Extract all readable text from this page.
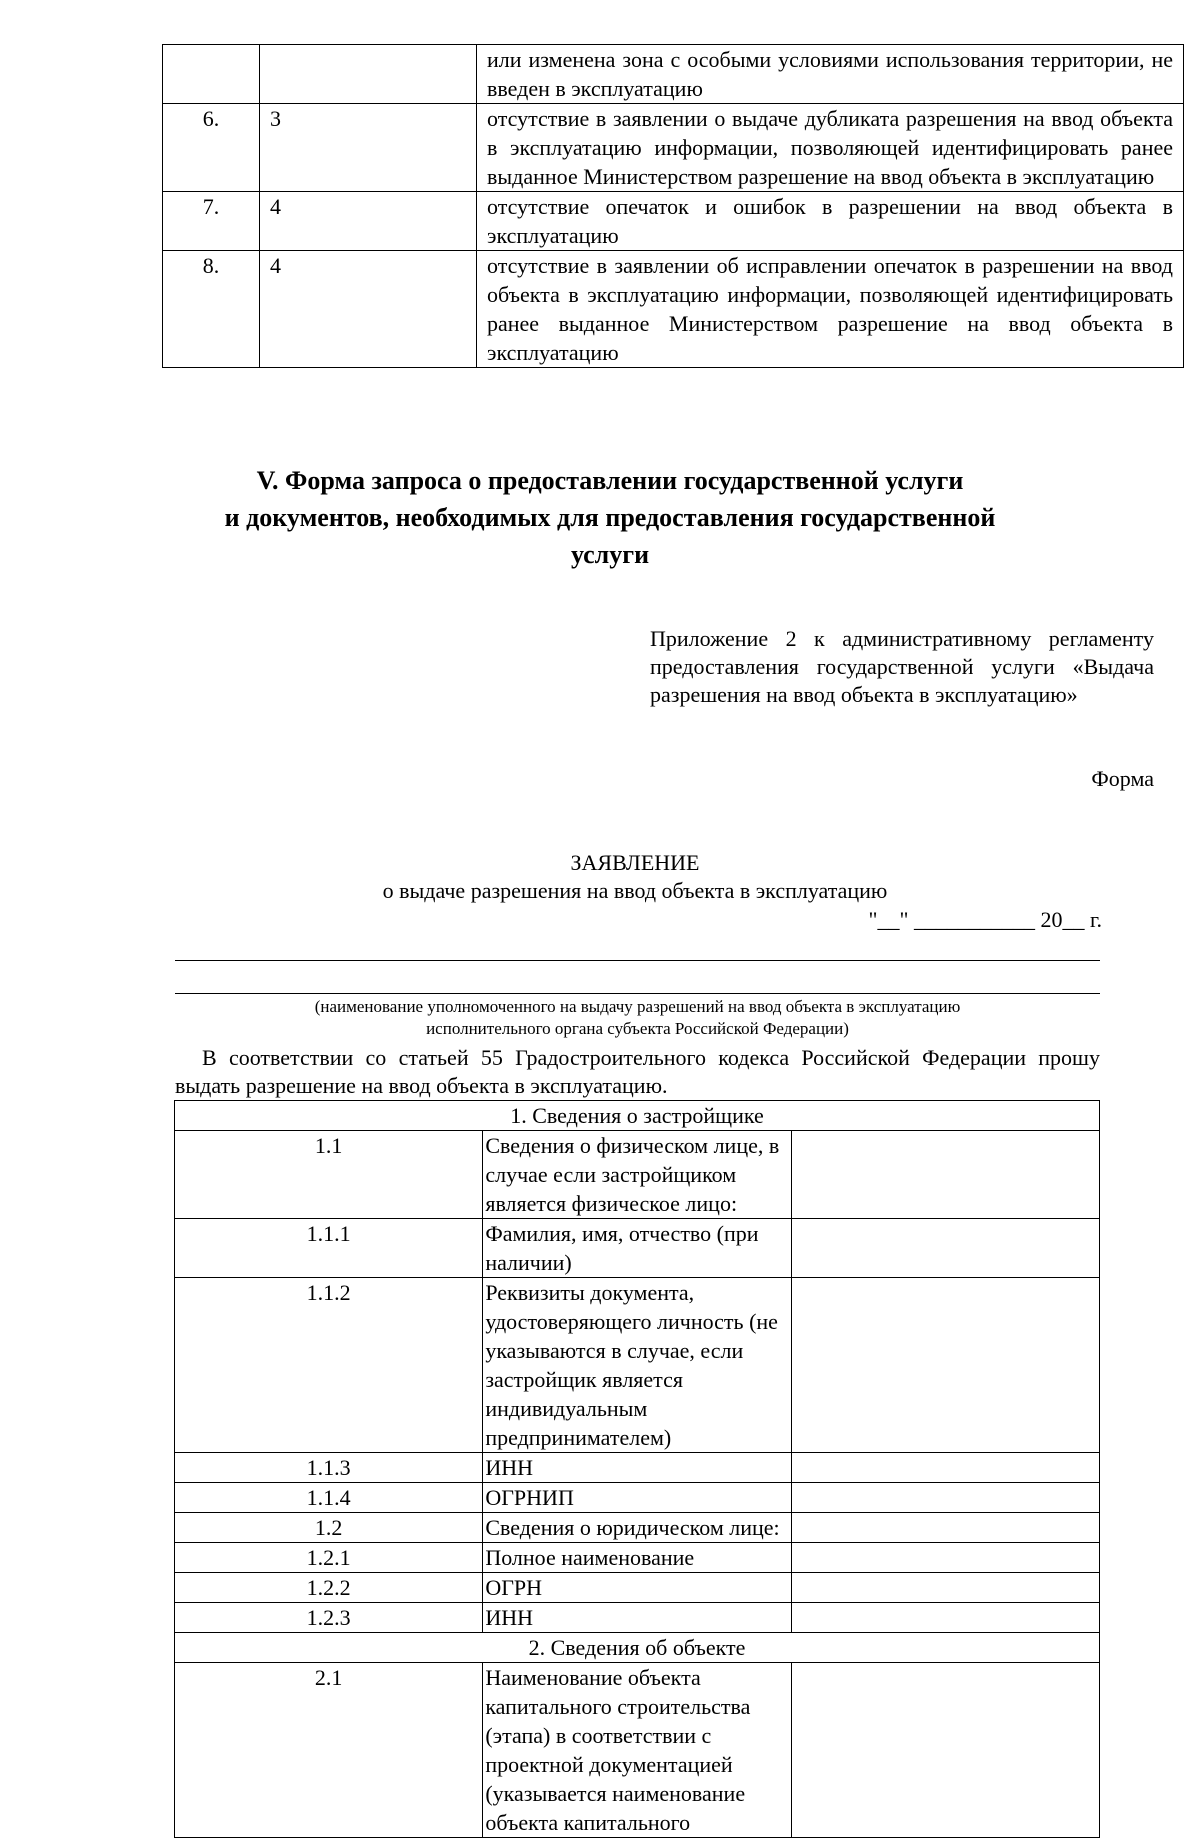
		или изменена зона с особыми условиями использования территории, не введен в эксплуатацию
6.	3	отсутствие в заявлении о выдаче дубликата разрешения на ввод объекта в эксплуатацию информации, позволяющей идентифицировать ранее выданное Министерством разрешение на ввод объекта в эксплуатацию
7.	4	отсутствие опечаток и ошибок в разрешении на ввод объекта в эксплуатацию
8.	4	отсутствие в заявлении об исправлении опечаток в разрешении на ввод объекта в эксплуатацию информации, позволяющей идентифицировать ранее выданное Министерством разрешение на ввод объекта в эксплуатацию
V. Форма запроса о предоставлении государственной услуги
и документов, необходимых для предоставления государственной
услуги
Приложение 2 к административному регламенту предоставления государственной услуги «Выдача разрешения на ввод объекта в эксплуатацию»
Форма
ЗАЯВЛЕНИЕ
о выдаче разрешения на ввод объекта в эксплуатацию
"__" ___________ 20__ г.
(наименование уполномоченного на выдачу разрешений на ввод объекта в эксплуатацию
исполнительного органа субъекта Российской Федерации)
В соответствии со статьей 55 Градостроительного кодекса Российской Федерации прошу выдать разрешение на ввод объекта в эксплуатацию.
1. Сведения о застройщике		
1.1	Сведения о физическом лице, в случае если застройщиком является физическое лицо:	
1.1.1	Фамилия, имя, отчество (при наличии)	
1.1.2	Реквизиты документа, удостоверяющего личность (не указываются в случае, если застройщик является индивидуальным предпринимателем)	
1.1.3	ИНН	
1.1.4	ОГРНИП	
1.2	Сведения о юридическом лице:	
1.2.1	Полное наименование	
1.2.2	ОГРН	
1.2.3	ИНН	
2. Сведения об объекте		
2.1	Наименование объекта капитального строительства (этапа) в соответствии с проектной документацией (указывается наименование объекта капитального	
